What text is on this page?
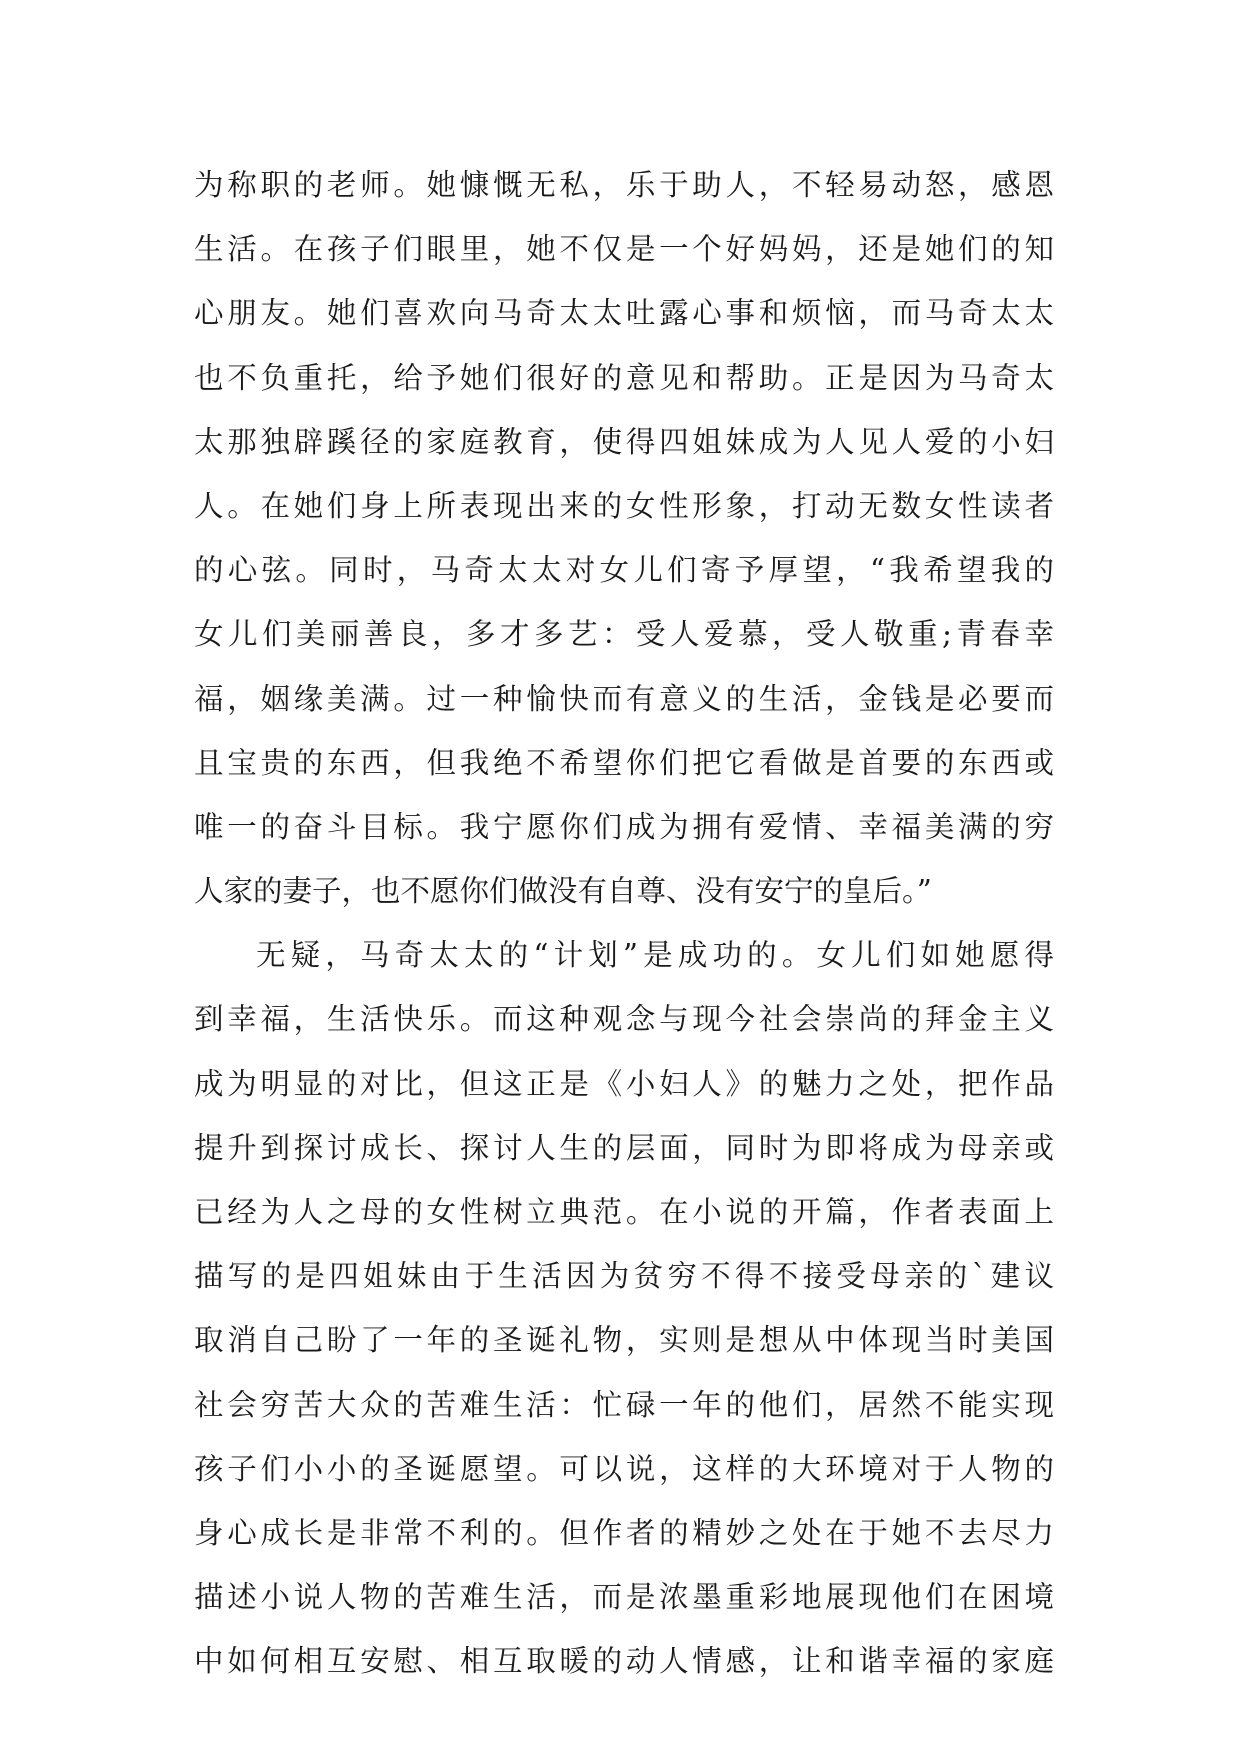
为称职的老师。她慷慨无私，乐于助人，不轻易动怒，感恩
生活。在孩子们眼里，她不仅是一个好妈妈，还是她们的知
心朋友。她们喜欢向马奇太太吐露心事和烦恼，而马奇太太
也不负重托，给予她们很好的意见和帮助。正是因为马奇太
太那独辟蹊径的家庭教育，使得四姐妹成为人见人爱的小妇
人。在她们身上所表现出来的女性形象，打动无数女性读者
的心弦。同时，马奇太太对女儿们寄予厚望，“我希望我的
女儿们美丽善良，多才多艺：受人爱慕，受人敬重;青春幸
福，姻缘美满。过一种愉快而有意义的生活，金钱是必要而
且宝贵的东西，但我绝不希望你们把它看做是首要的东西或
唯一的奋斗目标。我宁愿你们成为拥有爱情、幸福美满的穷
人家的妻子，也不愿你们做没有自尊、没有安宁的皇后。”
无疑，马奇太太的“计划”是成功的。女儿们如她愿得
到幸福，生活快乐。而这种观念与现今社会崇尚的拜金主义
成为明显的对比，但这正是《小妇人》的魅力之处，把作品
提升到探讨成长、探讨人生的层面，同时为即将成为母亲或
已经为人之母的女性树立典范。在小说的开篇，作者表面上
描写的是四姐妹由于生活因为贫穷不得不接受母亲的`建议
取消自己盼了一年的圣诞礼物，实则是想从中体现当时美国
社会穷苦大众的苦难生活：忙碌一年的他们，居然不能实现
孩子们小小的圣诞愿望。可以说，这样的大环境对于人物的
身心成长是非常不利的。但作者的精妙之处在于她不去尽力
描述小说人物的苦难生活，而是浓墨重彩地展现他们在困境
中如何相互安慰、相互取暖的动人情感，让和谐幸福的家庭
